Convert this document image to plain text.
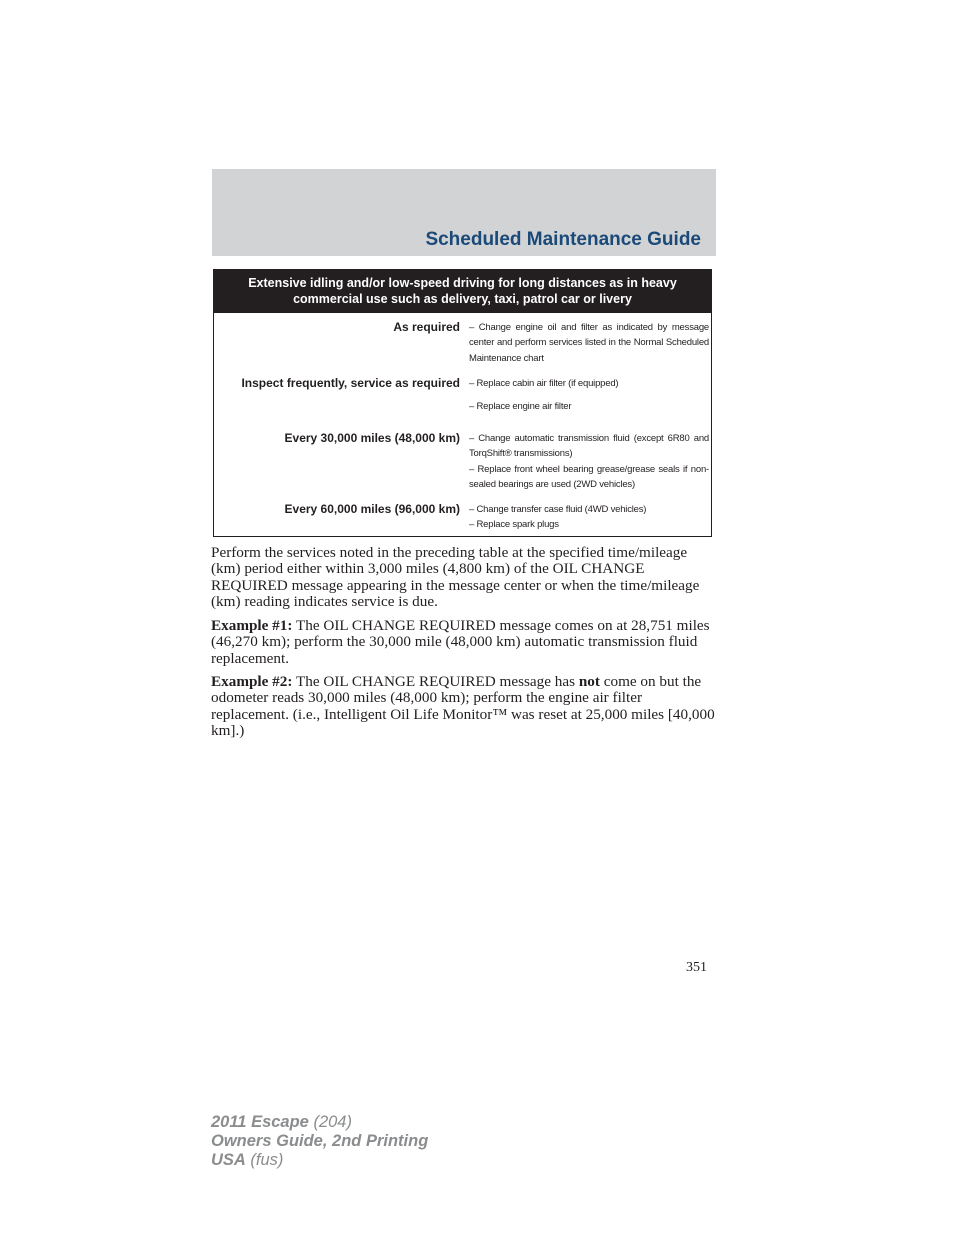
Scheduled Maintenance Guide
Extensive idling and/or low-speed driving for long distances as in heavy commercial use such as delivery, taxi, patrol car or livery
As required – Change engine oil and filter as indicated by message center and perform services listed in the Normal Scheduled Maintenance chart
Inspect frequently, service as required – Replace cabin air filter (if equipped)
– Replace engine air filter
Every 30,000 miles (48,000 km) – Change automatic transmission fluid (except 6R80 and TorqShift® transmissions)
– Replace front wheel bearing grease/grease seals if non-sealed bearings are used (2WD vehicles)
Every 60,000 miles (96,000 km) – Change transfer case fluid (4WD vehicles)
– Replace spark plugs
Perform the services noted in the preceding table at the specified time/mileage (km) period either within 3,000 miles (4,800 km) of the OIL CHANGE REQUIRED message appearing in the message center or when the time/mileage (km) reading indicates service is due.
Example #1: The OIL CHANGE REQUIRED message comes on at 28,751 miles (46,270 km); perform the 30,000 mile (48,000 km) automatic transmission fluid replacement.
Example #2: The OIL CHANGE REQUIRED message has not come on but the odometer reads 30,000 miles (48,000 km); perform the engine air filter replacement. (i.e., Intelligent Oil Life Monitor™ was reset at 25,000 miles [40,000 km].)
351
2011 Escape (204)
Owners Guide, 2nd Printing
USA (fus)
